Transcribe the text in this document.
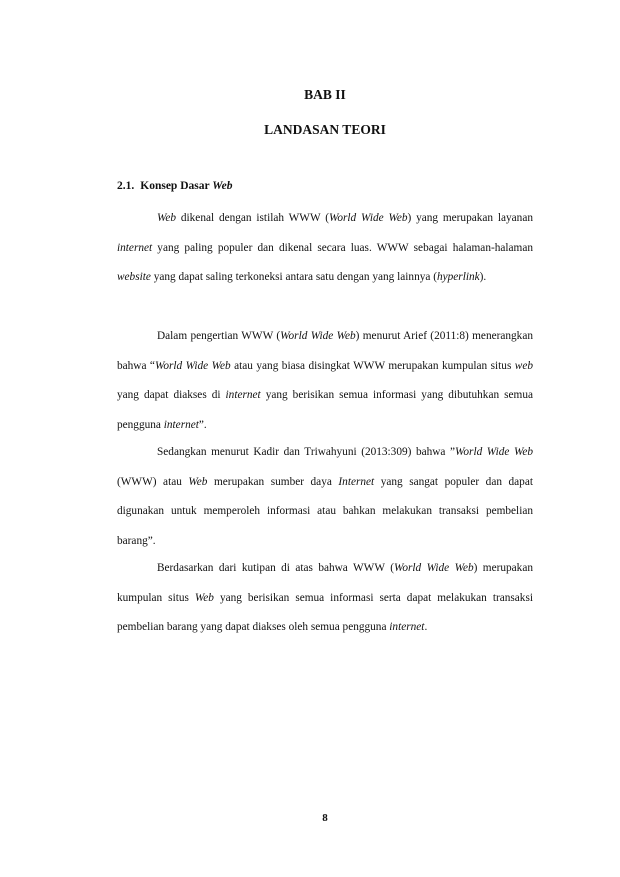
BAB II
LANDASAN TEORI
2.1. Konsep Dasar Web

Web dikenal dengan istilah WWW (World Wide Web) yang merupakan layanan internet yang paling populer dan dikenal secara luas. WWW sebagai halaman-halaman website yang dapat saling terkoneksi antara satu dengan yang lainnya (hyperlink).

Dalam pengertian WWW (World Wide Web) menurut Arief (2011:8) menerangkan bahwa “World Wide Web atau yang biasa disingkat WWW merupakan kumpulan situs web yang dapat diakses di internet yang berisikan semua informasi yang dibutuhkan semua pengguna internet”.

Sedangkan menurut Kadir dan Triwahyuni (2013:309) bahwa ”World Wide Web (WWW) atau Web merupakan sumber daya Internet yang sangat populer dan dapat digunakan untuk memperoleh informasi atau bahkan melakukan transaksi pembelian barang”.

Berdasarkan dari kutipan di atas bahwa WWW (World Wide Web) merupakan kumpulan situs Web yang berisikan semua informasi serta dapat melakukan transaksi pembelian barang yang dapat diakses oleh semua pengguna internet.

8
